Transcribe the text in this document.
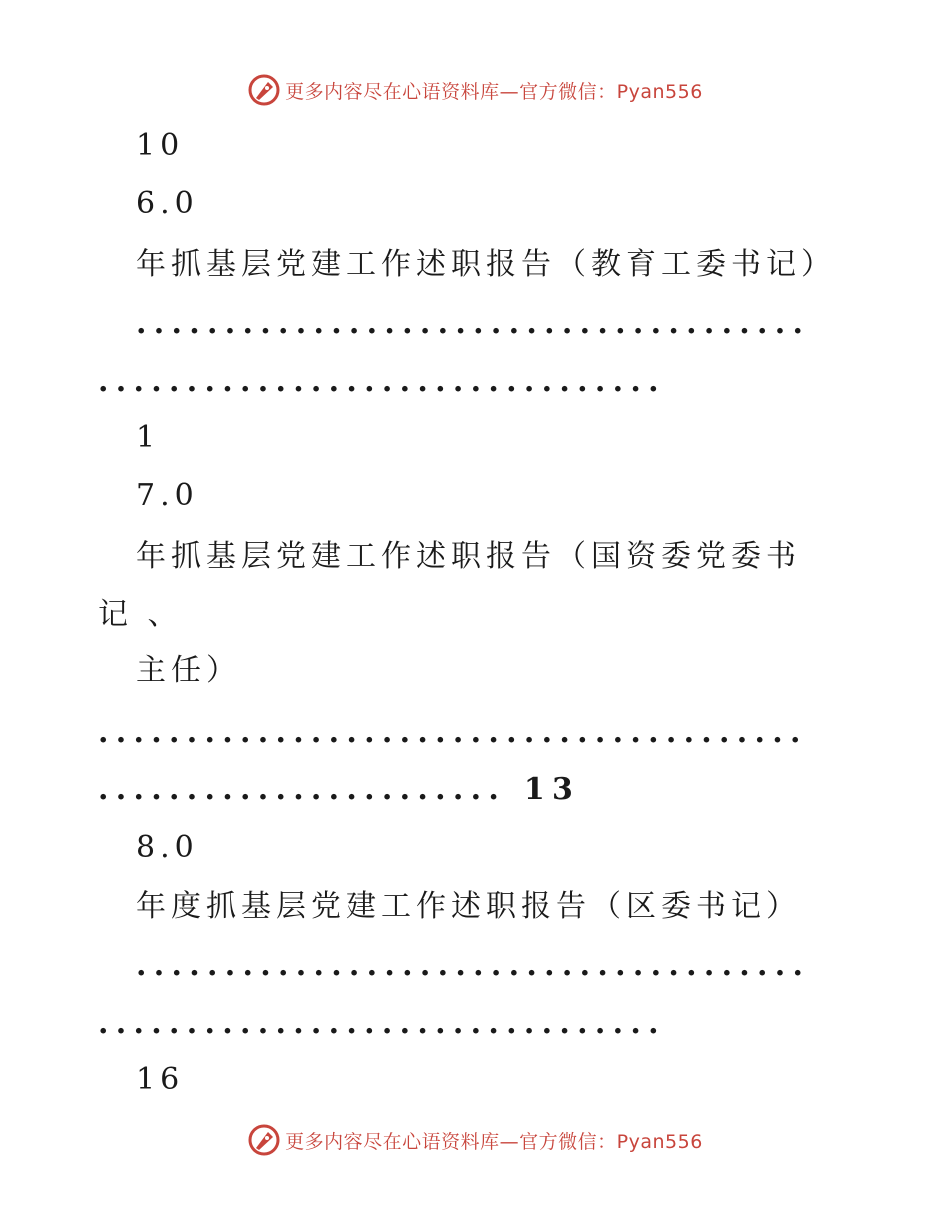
更多内容尽在心语资料库—官方微信：Pyan556
10
6.0
年抓基层党建工作述职报告（教育工委书记）
......................................
................................
1
7.0
年抓基层党建工作述职报告（国资委党委书
记 、
主任）
........................................
....................... 13
8.0
年度抓基层党建工作述职报告（区委书记）
......................................
................................
16
更多内容尽在心语资料库—官方微信：Pyan556
